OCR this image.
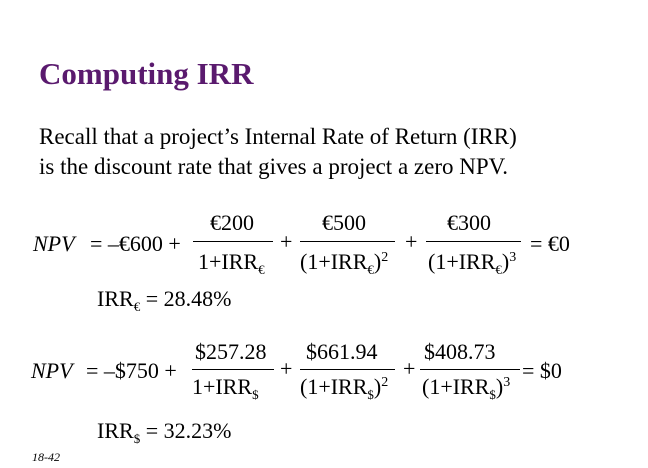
Computing IRR
Recall that a project’s Internal Rate of Return (IRR)
is the discount rate that gives a project a zero NPV.
NPV = –€600 +
€200
$1+IRR_€$
+
€500
$(1+IRR_€)^2$
+
€300
$(1+IRR_€)^3$
= €0
$IRR_€ = 28.48\%$
NPV = –$750 +
$257.28
$1+IRR_{\$}$
+
$661.94
$(1+IRR_{\$})^2$
+
$408.73
$(1+IRR_{\$})^3$ = $0
$IRR_{\$} = 32.23\%$
18-42
